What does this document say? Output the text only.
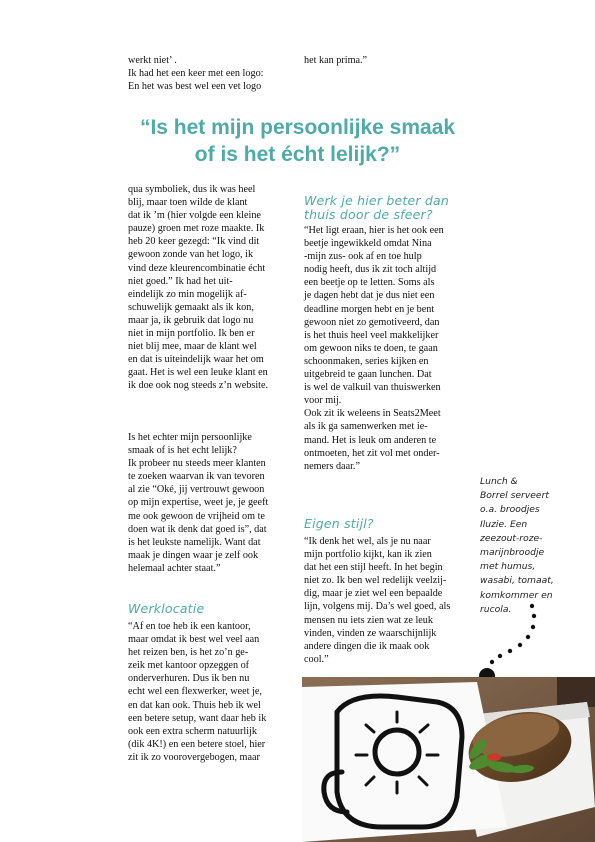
werkt niet’ .
Ik had het een keer met een logo:
En het was best wel een vet logo

het kan prima.”

“Is het mijn persoonlijke smaak
of is het écht lelijk?”

qua symboliek, dus ik was heel
blij, maar toen wilde de klant
dat ik ’m (hier volgde een kleine
pauze) groen met roze maakte. Ik
heb 20 keer gezegd: “Ik vind dit
gewoon zonde van het logo, ik
vind deze kleurencombinatie écht
niet goed.” Ik had het uit-
eindelijk zo min mogelijk af-
schuwelijk gemaakt als ik kon,
maar ja, ik gebruik dat logo nu
niet in mijn portfolio. Ik ben er
niet blij mee, maar de klant wel
en dat is uiteindelijk waar het om
gaat. Het is wel een leuke klant en
ik doe ook nog steeds z’n website.

Is het echter mijn persoonlijke
smaak of is het echt lelijk?
Ik probeer nu steeds meer klanten
te zoeken waarvan ik van tevoren
al zie “Oké, jij vertrouwt gewoon
op mijn expertise, weet je, je geeft
me ook gewoon de vrijheid om te
doen wat ik denk dat goed is”, dat
is het leukste namelijk. Want dat
maak je dingen waar je zelf ook
helemaal achter staat.”

Werklocatie

“Af en toe heb ik een kantoor,
maar omdat ik best wel veel aan
het reizen ben, is het zo’n ge-
zeik met kantoor opzeggen of
onderverhuren. Dus ik ben nu
echt wel een flexwerker, weet je,
en dat kan ook. Thuis heb ik wel
een betere setup, want daar heb ik
ook een extra scherm natuurlijk
(dik 4K!) en een betere stoel, hier
zit ik zo voorovergebogen, maar

Werk je hier beter dan
thuis door de sfeer?

“Het ligt eraan, hier is het ook een
beetje ingewikkeld omdat Nina
-mijn zus- ook af en toe hulp
nodig heeft, dus ik zit toch altijd
een beetje op te letten. Soms als
je dagen hebt dat je dus niet een
deadline morgen hebt en je bent
gewoon niet zo gemotiveerd, dan
is het thuis heel veel makkelijker
om gewoon niks te doen, te gaan
schoonmaken, series kijken en
uitgebreid te gaan lunchen. Dat
is wel de valkuil van thuiswerken
voor mij.
Ook zit ik weleens in Seats2Meet
als ik ga samenwerken met ie-
mand. Het is leuk om anderen te
ontmoeten, het zit vol met onder-
nemers daar.”

Eigen stijl?

“Ik denk het wel, als je nu naar
mijn portfolio kijkt, kan ik zien
dat het een stijl heeft. In het begin
niet zo. Ik ben wel redelijk veelzij-
dig, maar je ziet wel een bepaalde
lijn, volgens mij. Da’s wel goed, als
mensen nu iets zien wat ze leuk
vinden, vinden ze waarschijnlijk
andere dingen die ik maak ook
cool.”

Lunch &
Borrel serveert
o.a. broodjes
Iluzie. Een
zeezout-roze-
marijnbroodje
met humus,
wasabi, tomaat,
komkommer en
rucola.
